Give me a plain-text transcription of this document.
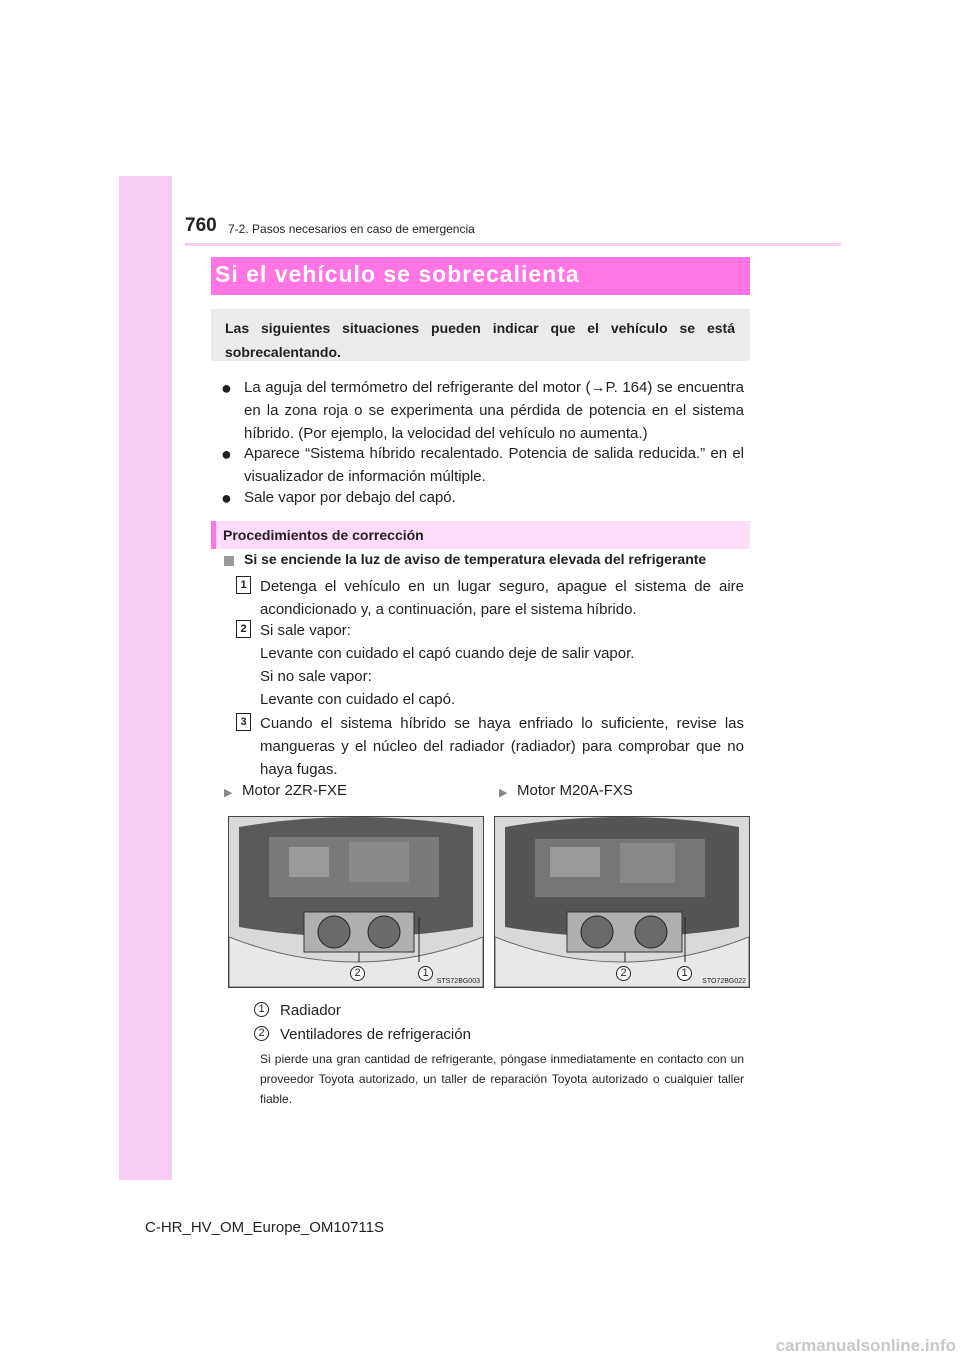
760 7-2. Pasos necesarios en caso de emergencia
Si el vehículo se sobrecalienta
Las siguientes situaciones pueden indicar que el vehículo se está sobrecalentando.
● La aguja del termómetro del refrigerante del motor (→P. 164) se encuentra en la zona roja o se experimenta una pérdida de potencia en el sistema híbrido. (Por ejemplo, la velocidad del vehículo no aumenta.)
● Aparece “Sistema híbrido recalentado. Potencia de salida reducida.” en el visualizador de información múltiple.
● Sale vapor por debajo del capó.
Procedimientos de corrección
Si se enciende la luz de aviso de temperatura elevada del refrigerante
1 Detenga el vehículo en un lugar seguro, apague el sistema de aire acondicionado y, a continuación, pare el sistema híbrido.
2 Si sale vapor:
Levante con cuidado el capó cuando deje de salir vapor.
Si no sale vapor:
Levante con cuidado el capó.
3 Cuando el sistema híbrido se haya enfriado lo suficiente, revise las mangueras y el núcleo del radiador (radiador) para comprobar que no haya fugas.
▶ Motor 2ZR-FXE	▶ Motor M20A-FXS
STS72BG003
2	1
STO72BG022
2	1
1 Radiador
2 Ventiladores de refrigeración
Si pierde una gran cantidad de refrigerante, póngase inmediatamente en contacto con un proveedor Toyota autorizado, un taller de reparación Toyota autorizado o cualquier taller fiable.
C-HR_HV_OM_Europe_OM10711S
carmanualsonline.info
